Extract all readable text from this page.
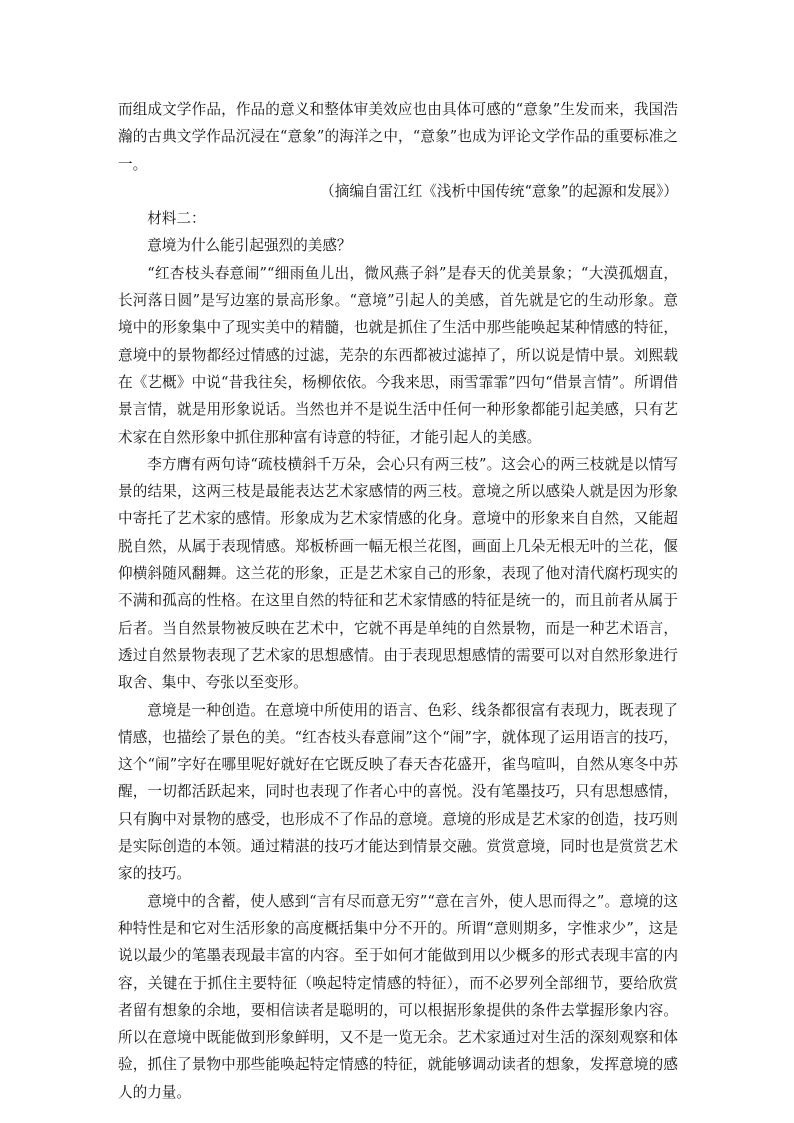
而组成文学作品，作品的意义和整体审美效应也由具体可感的“意象”生发而来，我国浩瀚的古典文学作品沉浸在“意象”的海洋之中，“意象”也成为评论文学作品的重要标准之一。

（摘编自雷江红《浅析中国传统“意象”的起源和发展》）

材料二：

意境为什么能引起强烈的美感？

“红杏枝头春意闹”“细雨鱼儿出，微风燕子斜”是春天的优美景象；“大漠孤烟直，长河落日圆”是写边塞的景高形象。“意境”引起人的美感，首先就是它的生动形象。意境中的形象集中了现实美中的精髓，也就是抓住了生活中那些能唤起某种情感的特征，意境中的景物都经过情感的过滤，芜杂的东西都被过滤掉了，所以说是情中景。刘熙载在《艺概》中说“昔我往矣，杨柳依依。今我来思，雨雪霏霏”四句“借景言情”。所谓借景言情，就是用形象说话。当然也并不是说生活中任何一种形象都能引起美感，只有艺术家在自然形象中抓住那种富有诗意的特征，才能引起人的美感。

李方膺有两句诗“疏枝横斜千万朵，会心只有两三枝”。这会心的两三枝就是以情写景的结果，这两三枝是最能表达艺术家感情的两三枝。意境之所以感染人就是因为形象中寄托了艺术家的感情。形象成为艺术家情感的化身。意境中的形象来自自然，又能超脱自然，从属于表现情感。郑板桥画一幅无根兰花图，画面上几朵无根无叶的兰花，偃仰横斜随风翻舞。这兰花的形象，正是艺术家自己的形象，表现了他对清代腐朽现实的不满和孤高的性格。在这里自然的特征和艺术家情感的特征是统一的，而且前者从属于后者。当自然景物被反映在艺术中，它就不再是单纯的自然景物，而是一种艺术语言，透过自然景物表现了艺术家的思想感情。由于表现思想感情的需要可以对自然形象进行取舍、集中、夸张以至变形。

意境是一种创造。在意境中所使用的语言、色彩、线条都很富有表现力，既表现了情感，也描绘了景色的美。“红杏枝头春意闹”这个“闹”字，就体现了运用语言的技巧，这个“闹”字好在哪里呢好就好在它既反映了春天杏花盛开，雀鸟喧叫，自然从寒冬中苏醒，一切都活跃起来，同时也表现了作者心中的喜悦。没有笔墨技巧，只有思想感情，只有胸中对景物的感受，也形成不了作品的意境。意境的形成是艺术家的创造，技巧则是实际创造的本领。通过精湛的技巧才能达到情景交融。赏赏意境，同时也是赏赏艺术家的技巧。

意境中的含蓄，使人感到“言有尽而意无穷”“意在言外，使人思而得之”。意境的这种特性是和它对生活形象的高度概括集中分不开的。所谓“意则期多，字惟求少”，这是说以最少的笔墨表现最丰富的内容。至于如何才能做到用以少概多的形式表现丰富的内容，关键在于抓住主要特征（唤起特定情感的特征），而不必罗列全部细节，要给欣赏者留有想象的余地，要相信读者是聪明的，可以根据形象提供的条件去掌握形象内容。所以在意境中既能做到形象鲜明，又不是一览无余。艺术家通过对生活的深刻观察和体验，抓住了景物中那些能唤起特定情感的特征，就能够调动读者的想象，发挥意境的感人的力量。
